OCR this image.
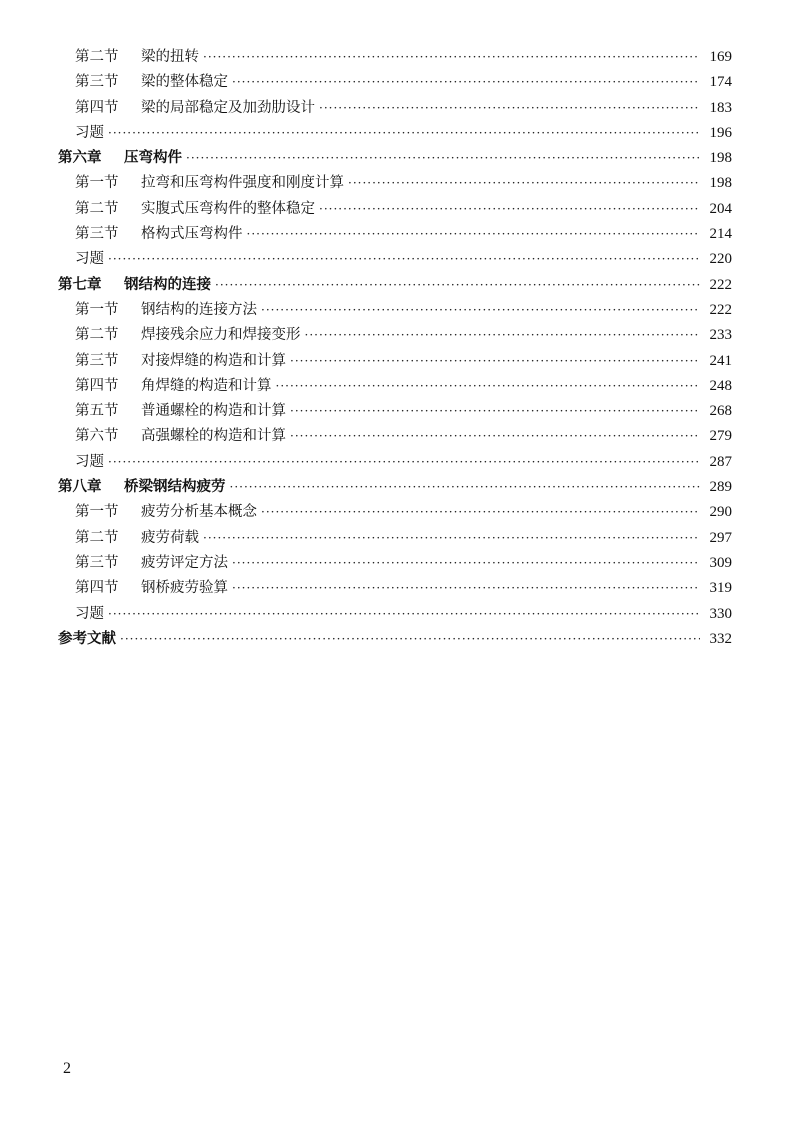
第二节 梁的扭转 ·····	169
第三节 梁的整体稳定 ·····	174
第四节 梁的局部稳定及加劲肋设计 ·····	183
习题 ·····	196
第六章 压弯构件 ·····	198
第一节 拉弯和压弯构件强度和刚度计算 ·····	198
第二节 实腹式压弯构件的整体稳定 ·····	204
第三节 格构式压弯构件 ·····	214
习题 ·····	220
第七章 钢结构的连接 ·····	222
第一节 钢结构的连接方法 ·····	222
第二节 焊接残余应力和焊接变形 ·····	233
第三节 对接焊缝的构造和计算 ·····	241
第四节 角焊缝的构造和计算 ·····	248
第五节 普通螺栓的构造和计算 ·····	268
第六节 高强螺栓的构造和计算 ·····	279
习题 ·····	287
第八章 桥梁钢结构疲劳 ·····	289
第一节 疲劳分析基本概念 ·····	290
第二节 疲劳荷载 ·····	297
第三节 疲劳评定方法 ·····	309
第四节 钢桥疲劳验算 ·····	319
习题 ·····	330
参考文献 ·····	332
2
